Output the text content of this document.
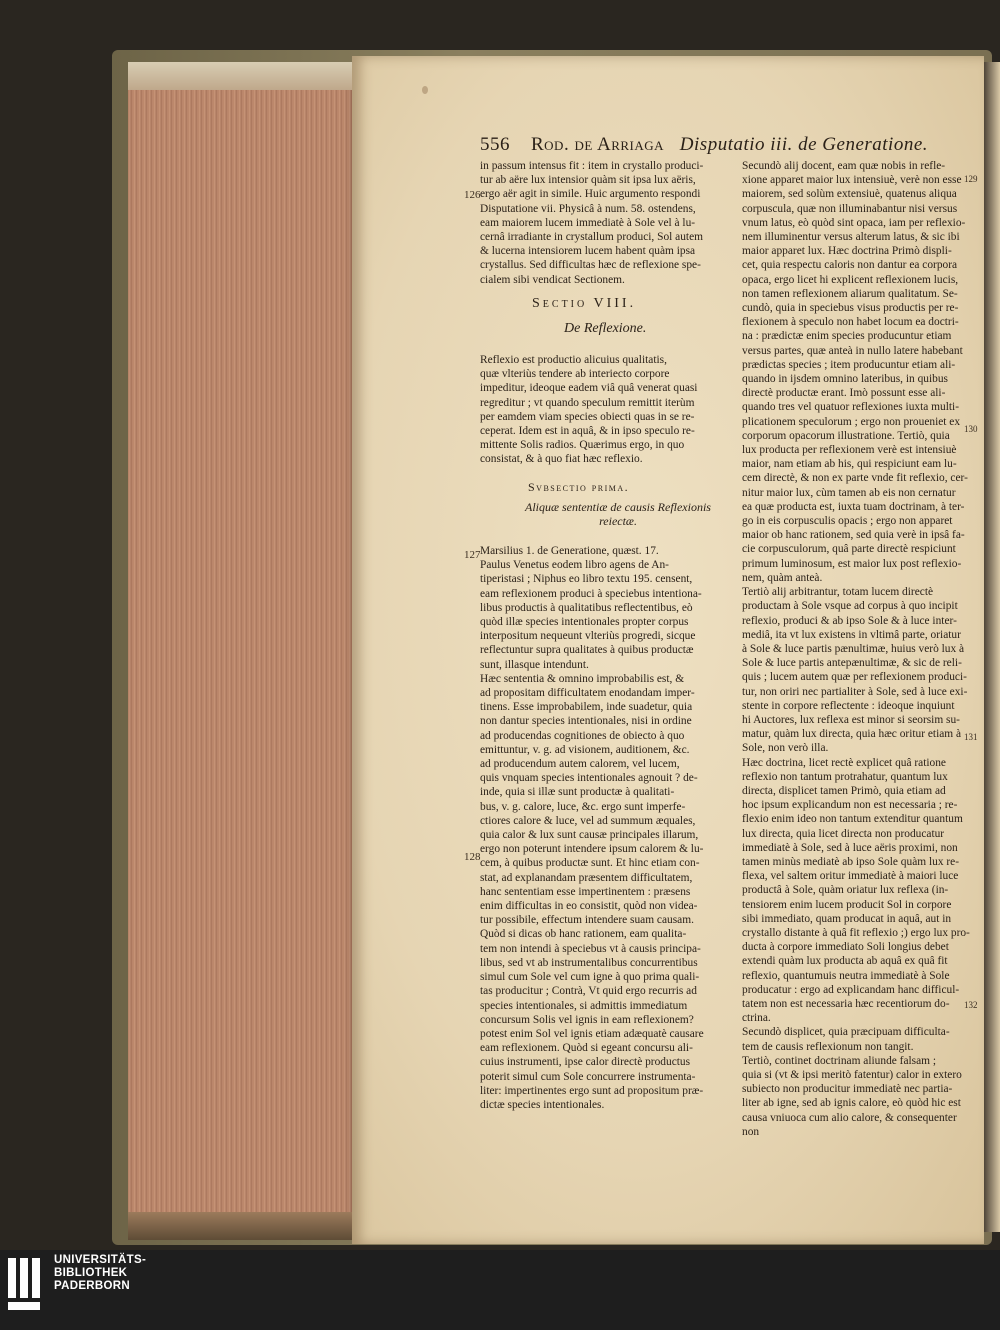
556 Rod. de Arriaga Disputatio iii. de Generatione.
in passum intensus fit : item in crystallo produci-
tur ab aëre lux intensior quàm sit ipsa lux aëris,
ergo aër agit in simile. Huic argumento respondi
Disputatione vii. Physicâ à num. 58. ostendens,
eam maiorem lucem immediatè à Sole vel à lu-
cernâ irradiante in crystallum produci, Sol autem
& lucerna intensiorem lucem habent quàm ipsa
crystallus. Sed difficultas hæc de reflexione spe-
cialem sibi vendicat Sectionem.
Sectio VIII.
De Reflexione.
Reflexio est productio alicuius qualitatis,
quæ vlteriùs tendere ab interiecto corpore
impeditur, ideoque eadem viâ quâ venerat quasi
regreditur ; vt quando speculum remittit iterùm
per eamdem viam species obiecti quas in se re-
ceperat. Idem est in aquâ, & in ipso speculo re-
mittente Solis radios. Quærimus ergo, in quo
consistat, & à quo fiat hæc reflexio.
Svbsectio prima.
Aliquæ sententiæ de causis Reflexionis reiectæ.
Marsilius 1. de Generatione, quæst. 17.
Paulus Venetus eodem libro agens de An-
tiperistasi ; Niphus eo libro textu 195. censent,
eam reflexionem produci à speciebus intentiona-
libus productis à qualitatibus reflectentibus, eò
quòd illæ species intentionales propter corpus
interpositum nequeunt vlteriùs progredi, sicque
reflectuntur supra qualitates à quibus productæ
sunt, illasque intendunt.
Hæc sententia & omnino improbabilis est, &
ad propositam difficultatem enodandam imper-
tinens. Esse improbabilem, inde suadetur, quia
non dantur species intentionales, nisi in ordine
ad producendas cognitiones de obiecto à quo
emittuntur, v. g. ad visionem, auditionem, &c.
ad producendum autem calorem, vel lucem,
quis vnquam species intentionales agnouit ? de-
inde, quia si illæ sunt productæ à qualitati-
bus, v. g. calore, luce, &c. ergo sunt imperfe-
ctiores calore & luce, vel ad summum æquales,
quia calor & lux sunt causæ principales illarum,
ergo non poterunt intendere ipsum calorem & lu-
cem, à quibus productæ sunt. Et hinc etiam con-
stat, ad explanandam præsentem difficultatem,
hanc sententiam esse impertinentem : præsens
enim difficultas in eo consistit, quòd non videa-
tur possibile, effectum intendere suam causam.
Quòd si dicas ob hanc rationem, eam qualita-
tem non intendi à speciebus vt à causis principa-
libus, sed vt ab instrumentalibus concurrentibus
simul cum Sole vel cum igne à quo prima quali-
tas producitur ; Contrà, Vt quid ergo recurris ad
species intentionales, si admittis immediatum
concursum Solis vel ignis in eam reflexionem?
potest enim Sol vel ignis etiam adæquatè causare
eam reflexionem. Quòd si egeant concursu ali-
cuius instrumenti, ipse calor directè productus
poterit simul cum Sole concurrere instrumenta-
liter: impertinentes ergo sunt ad propositum præ-
dictæ species intentionales.
Secundò alij docent, eam quæ nobis in refle-
xione apparet maior lux intensiuè, verè non esse
maiorem, sed solùm extensiuè, quatenus aliqua
corpuscula, quæ non illuminabantur nisi versus
vnum latus, eò quòd sint opaca, iam per reflexio-
nem illuminentur versus alterum latus, & sic ibi
maior apparet lux. Hæc doctrina Primò displi-
cet, quia respectu caloris non dantur ea corpora
opaca, ergo licet hi explicent reflexionem lucis,
non tamen reflexionem aliarum qualitatum. Se-
cundò, quia in speciebus visus productis per re-
flexionem à speculo non habet locum ea doctri-
na : prædictæ enim species producuntur etiam
versus partes, quæ anteà in nullo latere habebant
prædictas species ; item producuntur etiam ali-
quando in ijsdem omnino lateribus, in quibus
directè productæ erant. Imò possunt esse ali-
quando tres vel quatuor reflexiones iuxta multi-
plicationem speculorum ; ergo non proueniet ex
corporum opacorum illustratione. Tertiò, quia
lux producta per reflexionem verè est intensiuè
maior, nam etiam ab his, qui respiciunt eam lu-
cem directè, & non ex parte vnde fit reflexio, cer-
nitur maior lux, cùm tamen ab eis non cernatur
ea quæ producta est, iuxta tuam doctrinam, à ter-
go in eis corpusculis opacis ; ergo non apparet
maior ob hanc rationem, sed quia verè in ipsâ fa-
cie corpusculorum, quâ parte directè respiciunt
primum luminosum, est maior lux post reflexio-
nem, quàm anteà.
Tertiò alij arbitrantur, totam lucem directè
productam à Sole vsque ad corpus à quo incipit
reflexio, produci & ab ipso Sole & à luce inter-
mediâ, ita vt lux existens in vltimâ parte, oriatur
à Sole & luce partis pænultimæ, huius verò lux à
Sole & luce partis antepænultimæ, & sic de reli-
quis ; lucem autem quæ per reflexionem produci-
tur, non oriri nec partialiter à Sole, sed à luce exi-
stente in corpore reflectente : ideoque inquiunt
hi Auctores, lux reflexa est minor si seorsim su-
matur, quàm lux directa, quia hæc oritur etiam à
Sole, non verò illa.
Hæc doctrina, licet rectè explicet quâ ratione
reflexio non tantum protrahatur, quantum lux
directa, displicet tamen Primò, quia etiam ad
hoc ipsum explicandum non est necessaria ; re-
flexio enim ideo non tantum extenditur quantum
lux directa, quia licet directa non producatur
immediatè à Sole, sed à luce aëris proximi, non
tamen minùs mediatè ab ipso Sole quàm lux re-
flexa, vel saltem oritur immediatè à maiori luce
productâ à Sole, quàm oriatur lux reflexa (in-
tensiorem enim lucem producit Sol in corpore
sibi immediato, quam producat in aquâ, aut in
crystallo distante à quâ fit reflexio ;) ergo lux pro-
ducta à corpore immediato Soli longius debet
extendi quàm lux producta ab aquâ ex quâ fit
reflexio, quantumuis neutra immediatè à Sole
producatur : ergo ad explicandam hanc difficul-
tatem non est necessaria hæc recentiorum do-
ctrina.
Secundò displicet, quia præcipuam difficulta-
tem de causis reflexionum non tangit.
Tertiò, continet doctrinam aliunde falsam ;
quia si (vt & ipsi meritò fatentur) calor in extero
subiecto non producitur immediatè nec partia-
liter ab igne, sed ab ignis calore, eò quòd hic est
causa vniuoca cum alio calore, & consequenter
non
126
127
128
129
130
131
132
UNIVERSITÄTS-
BIBLIOTHEK
PADERBORN
